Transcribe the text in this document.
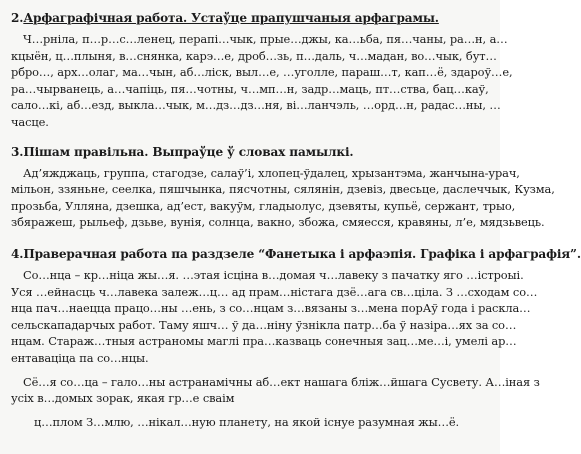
2.Арфаграфічная работа. Устаўце прапушчаныя арфаграмы.
Ч…рніла, п…р…с…ленец, перапі…чык, прые…джы, ка…ьба, пя…чаны, ра…н, а…
кцыён, ц…плыня, в…снянка, карэ…е, дроб…зь, п…даль, ч…мадан, во…чык, бут…
рбро…, арх…олаг, ма…чын, аб…ліск, выл…е, …уголле, параш…т, кап…ё, здароў…е,
ра…чырванець, а…чапіць, пя…чотны, ч…мп…н, задр…маць, пт…ства, бац…каў,
сало…кі, аб…езд, выкла…чык, м…дз…дз…ня, ві…ланчэль, …орд…н, радас…ны, …
часце.
3.Пішам правільна. Выпраўце ў словах памылкі.
Ад’яжджаць, группа, стагодзе, салаў’і, хлопец-ўдалец, хрызантэма, жанчына-урач,
мільон, ззяньне, сеелка, пяшчынка, пясчотны, сялянін, дзевіз, двесьце, даслеччык, Кузма,
прозьба, Улляна, дзешка, ад’ест, вакуўм, гладыолус, дзевяты, купьё, сержант, трыо,
збяражеш, рыльеф, дзьве, вунія, солнца, вакно, збожа, смяесся, кравяны, л’е, мядзьвець.
4.Праверачная работа па раздзеле “Фанетыка і арфаэпія. Графіка і арфаграфія”.
Со…нца – кр…ніца жы…я. …этая ісціна в…домая ч…лавеку з пачатку яго …істроыі.
Уся …ейнасць ч…лавека залеж…ц… ад прам…ністага дзё…ага св…ціла. З …сходам со…
нца пач…наецца працо…ны …ень, з со…нцам з…вязаны з…мена порАў года і раскла…
сельскападарчых работ. Таму яшч… ў да…ніну ўзнікла патр…ба ў назіра…ях за со…
нцам. Стараж…тныя астраномы маглі пра…казваць сонечныя зац…ме…і, умелі ар…
ентаваціца па со…нцы.
Сё…я со…ца – гало…ны астранамічны аб…ект нашага бліж…йшага Сусвету. А…іная з
усіх в…домых зорак, якая гр…е сваім
ц…плом З…млю, …нікал…ную планету, на якой існуе разумная жы…ё.
